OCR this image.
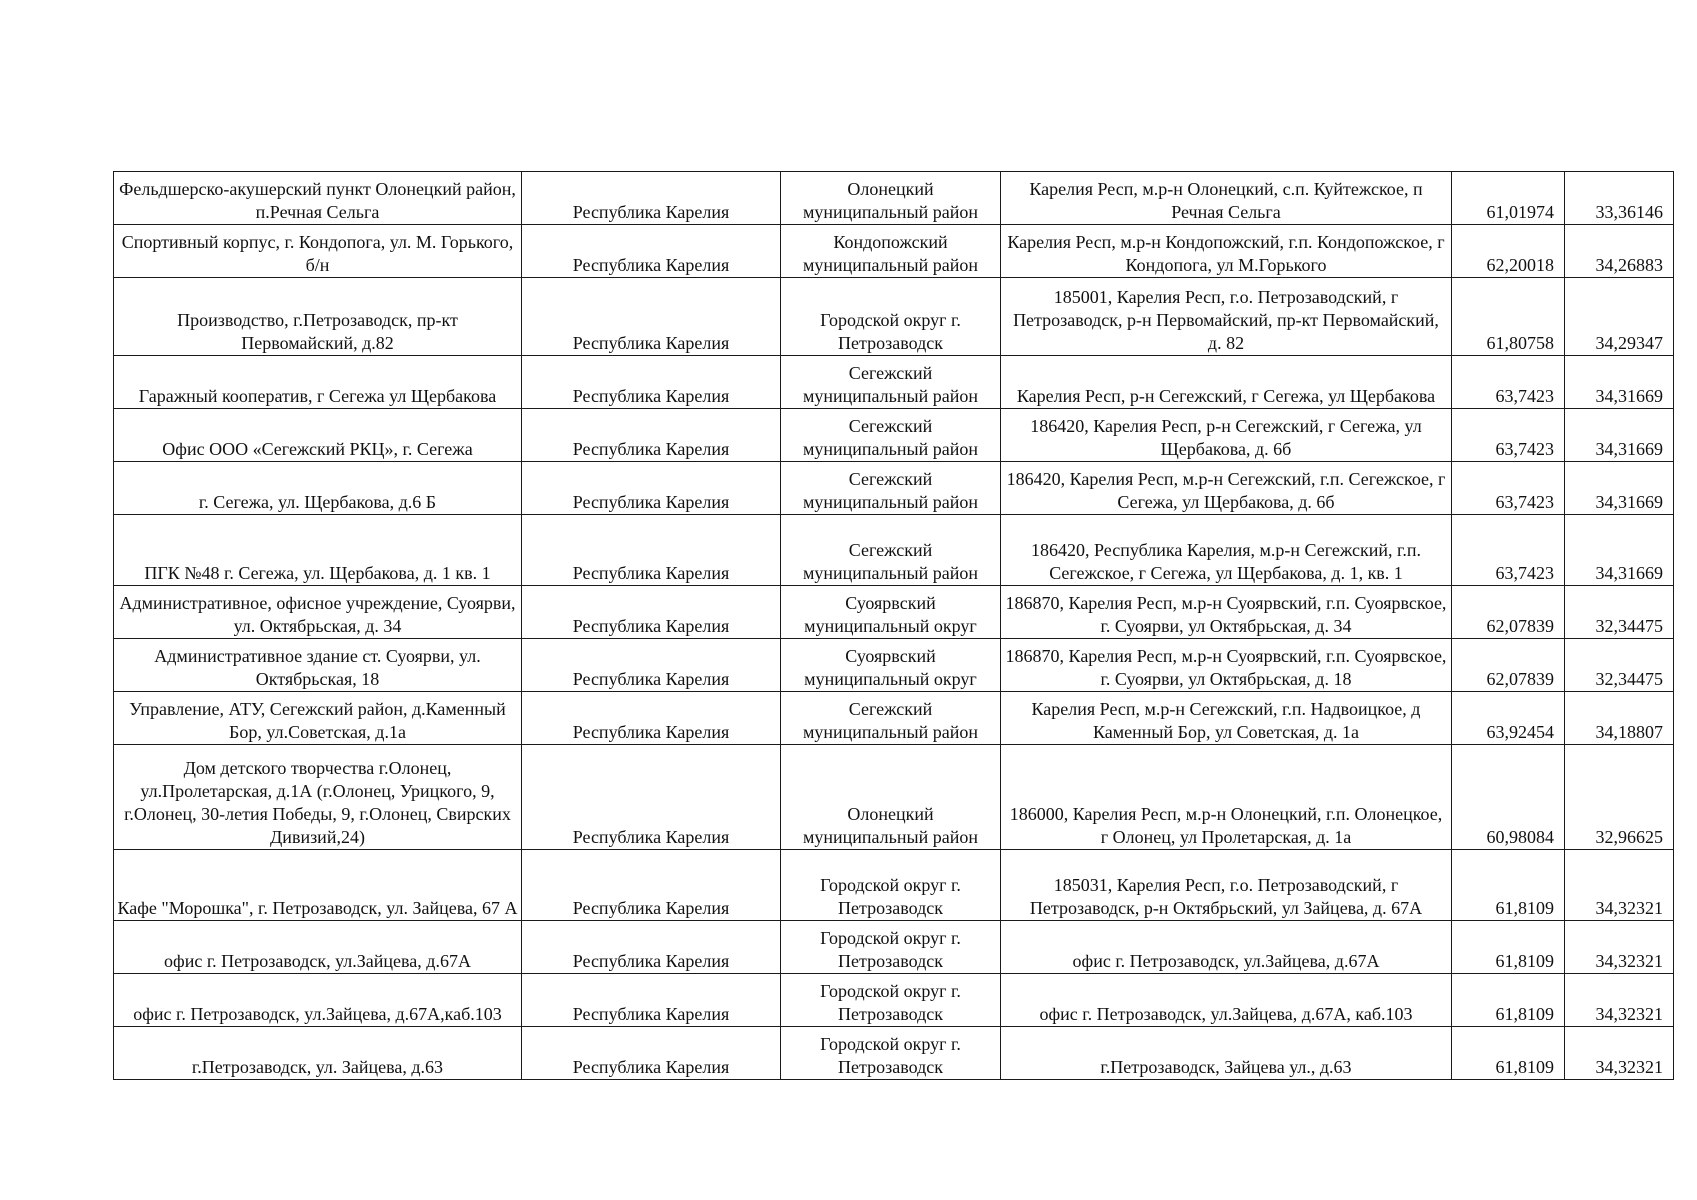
Фельдшерско-акушерский пункт Олонецкий район, п.Речная Сельга	Республика Карелия	Олонецкий муниципальный район	Карелия Респ, м.р-н Олонецкий, с.п. Куйтежское, п Речная Сельга	61,01974	33,36146
Спортивный корпус, г. Кондопога, ул. М. Горького, б/н	Республика Карелия	Кондопожский муниципальный район	Карелия Респ, м.р-н Кондопожский, г.п. Кондопожское, г Кондопога, ул М.Горького	62,20018	34,26883
Производство, г.Петрозаводск, пр-кт Первомайский, д.82	Республика Карелия	Городской округ г. Петрозаводск	185001, Карелия Респ, г.о. Петрозаводский, г Петрозаводск, р-н Первомайский, пр-кт Первомайский, д. 82	61,80758	34,29347
Гаражный кооператив, г Сегежа ул Щербакова	Республика Карелия	Сегежский муниципальный район	Карелия Респ, р-н Сегежский, г Сегежа, ул Щербакова	63,7423	34,31669
Офис ООО «Сегежский РКЦ», г. Сегежа	Республика Карелия	Сегежский муниципальный район	186420, Карелия Респ, р-н Сегежский, г Сегежа, ул Щербакова, д. 6б	63,7423	34,31669
г. Сегежа, ул. Щербакова, д.6 Б	Республика Карелия	Сегежский муниципальный район	186420, Карелия Респ, м.р-н Сегежский, г.п. Сегежское, г Сегежа, ул Щербакова, д. 6б	63,7423	34,31669
ПГК №48 г. Сегежа, ул. Щербакова, д. 1 кв. 1	Республика Карелия	Сегежский муниципальный район	186420, Республика Карелия, м.р-н Сегежский, г.п. Сегежское, г Сегежа, ул Щербакова, д. 1, кв. 1	63,7423	34,31669
Административное, офисное учреждение, Суоярви, ул. Октябрьская, д. 34	Республика Карелия	Суоярвский муниципальный округ	186870, Карелия Респ, м.р-н Суоярвский, г.п. Суоярвское, г. Суоярви, ул Октябрьская, д. 34	62,07839	32,34475
Административное здание ст. Суоярви, ул. Октябрьская, 18	Республика Карелия	Суоярвский муниципальный округ	186870, Карелия Респ, м.р-н Суоярвский, г.п. Суоярвское, г. Суоярви, ул Октябрьская, д. 18	62,07839	32,34475
Управление, АТУ, Сегежский район, д.Каменный Бор, ул.Советская, д.1а	Республика Карелия	Сегежский муниципальный район	Карелия Респ, м.р-н Сегежский, г.п. Надвоицкое, д Каменный Бор, ул Советская, д. 1а	63,92454	34,18807
Дом детского творчества г.Олонец, ул.Пролетарская, д.1А (г.Олонец, Урицкого, 9, г.Олонец, 30-летия Победы, 9, г.Олонец, Свирских Дивизий,24)	Республика Карелия	Олонецкий муниципальный район	186000, Карелия Респ, м.р-н Олонецкий, г.п. Олонецкое, г Олонец, ул Пролетарская, д. 1а	60,98084	32,96625
Кафе "Морошка", г. Петрозаводск, ул. Зайцева, 67 А	Республика Карелия	Городской округ г. Петрозаводск	185031, Карелия Респ, г.о. Петрозаводский, г Петрозаводск, р-н Октябрьский, ул Зайцева, д. 67А	61,8109	34,32321
офис г. Петрозаводск, ул.Зайцева, д.67А	Республика Карелия	Городской округ г. Петрозаводск	офис г. Петрозаводск, ул.Зайцева, д.67А	61,8109	34,32321
офис г. Петрозаводск, ул.Зайцева, д.67А,каб.103	Республика Карелия	Городской округ г. Петрозаводск	офис г. Петрозаводск, ул.Зайцева, д.67А, каб.103	61,8109	34,32321
г.Петрозаводск, ул. Зайцева, д.63	Республика Карелия	Городской округ г. Петрозаводск	г.Петрозаводск, Зайцева ул., д.63	61,8109	34,32321
